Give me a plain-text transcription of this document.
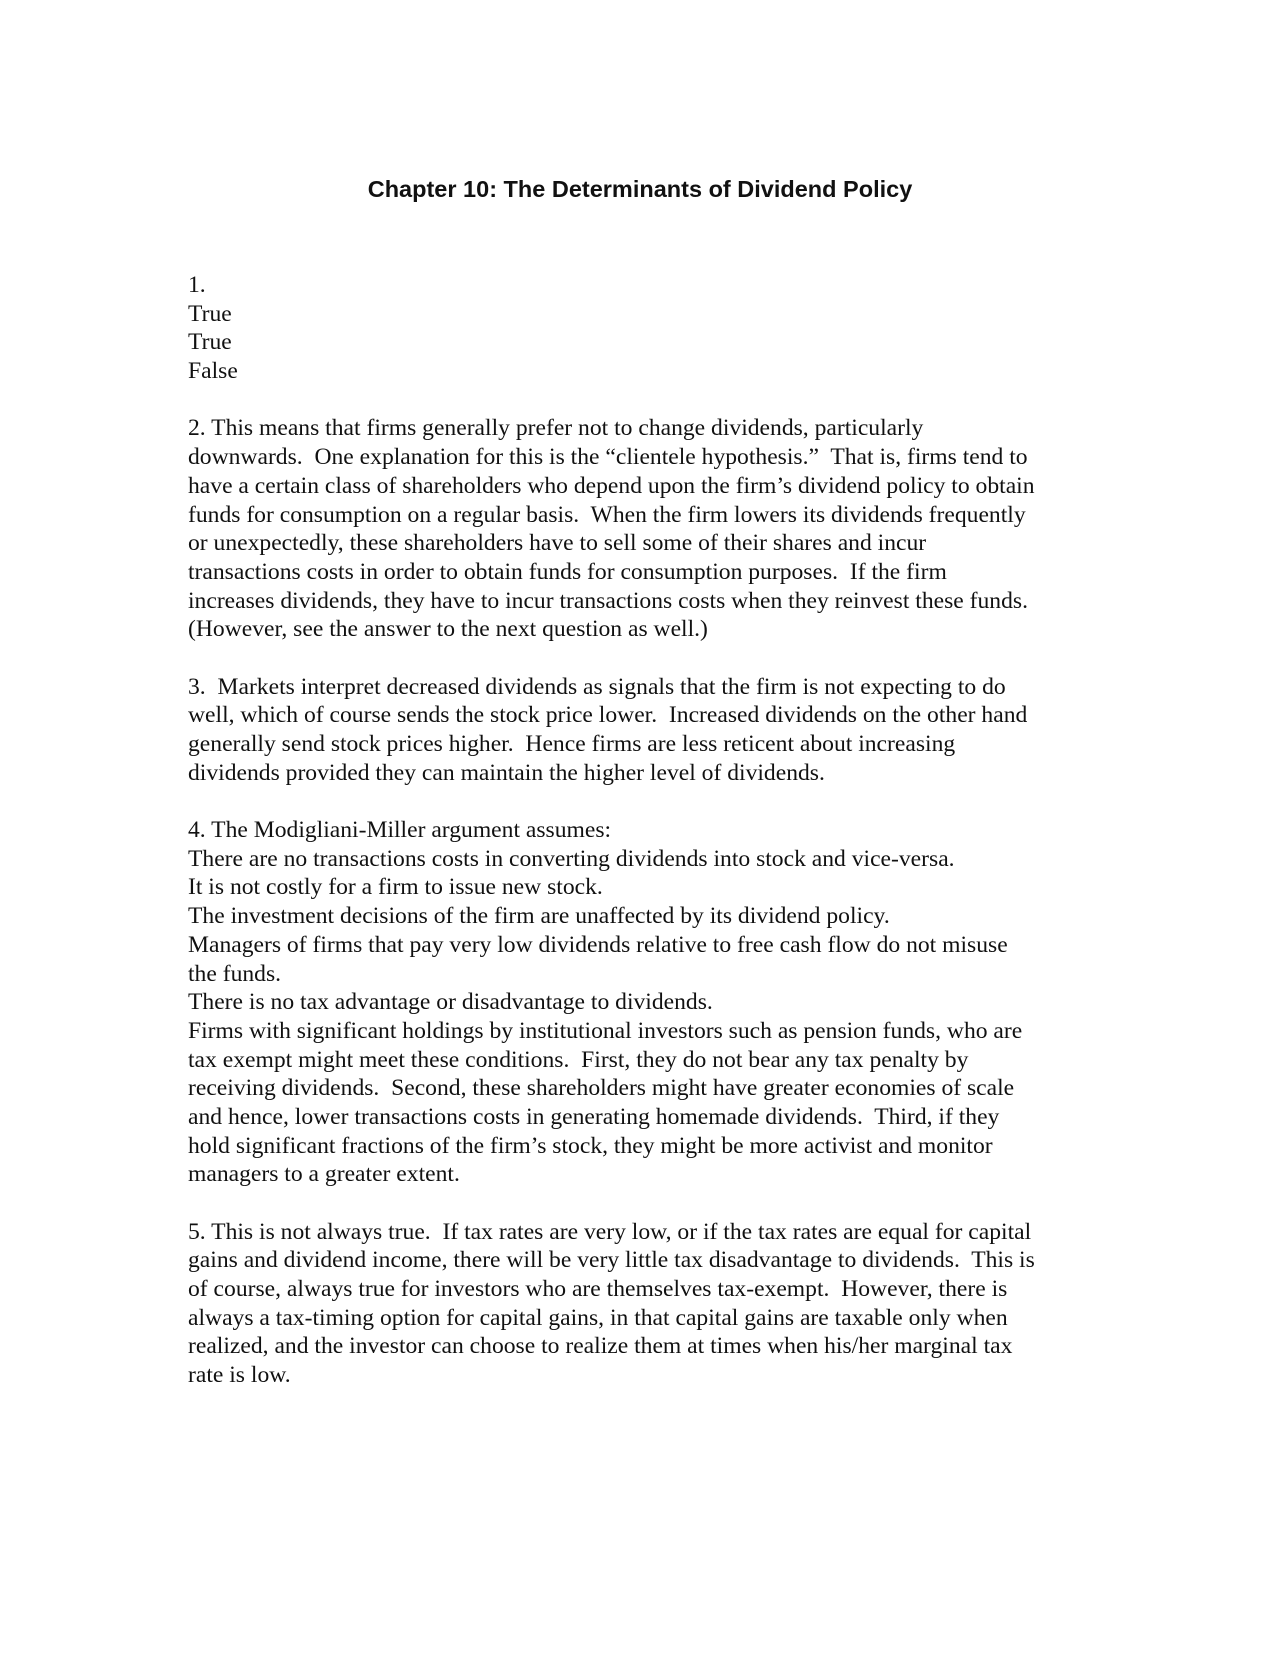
Chapter 10: The Determinants of Dividend Policy
1.
True
True
False
2. This means that firms generally prefer not to change dividends, particularly
downwards.  One explanation for this is the “clientele hypothesis.”  That is, firms tend to
have a certain class of shareholders who depend upon the firm’s dividend policy to obtain
funds for consumption on a regular basis.  When the firm lowers its dividends frequently
or unexpectedly, these shareholders have to sell some of their shares and incur
transactions costs in order to obtain funds for consumption purposes.  If the firm
increases dividends, they have to incur transactions costs when they reinvest these funds.
(However, see the answer to the next question as well.)
3.  Markets interpret decreased dividends as signals that the firm is not expecting to do
well, which of course sends the stock price lower.  Increased dividends on the other hand
generally send stock prices higher.  Hence firms are less reticent about increasing
dividends provided they can maintain the higher level of dividends.
4. The Modigliani-Miller argument assumes:
There are no transactions costs in converting dividends into stock and vice-versa.
It is not costly for a firm to issue new stock.
The investment decisions of the firm are unaffected by its dividend policy.
Managers of firms that pay very low dividends relative to free cash flow do not misuse
the funds.
There is no tax advantage or disadvantage to dividends.
Firms with significant holdings by institutional investors such as pension funds, who are
tax exempt might meet these conditions.  First, they do not bear any tax penalty by
receiving dividends.  Second, these shareholders might have greater economies of scale
and hence, lower transactions costs in generating homemade dividends.  Third, if they
hold significant fractions of the firm’s stock, they might be more activist and monitor
managers to a greater extent.
5. This is not always true.  If tax rates are very low, or if the tax rates are equal for capital
gains and dividend income, there will be very little tax disadvantage to dividends.  This is
of course, always true for investors who are themselves tax-exempt.  However, there is
always a tax-timing option for capital gains, in that capital gains are taxable only when
realized, and the investor can choose to realize them at times when his/her marginal tax
rate is low.
